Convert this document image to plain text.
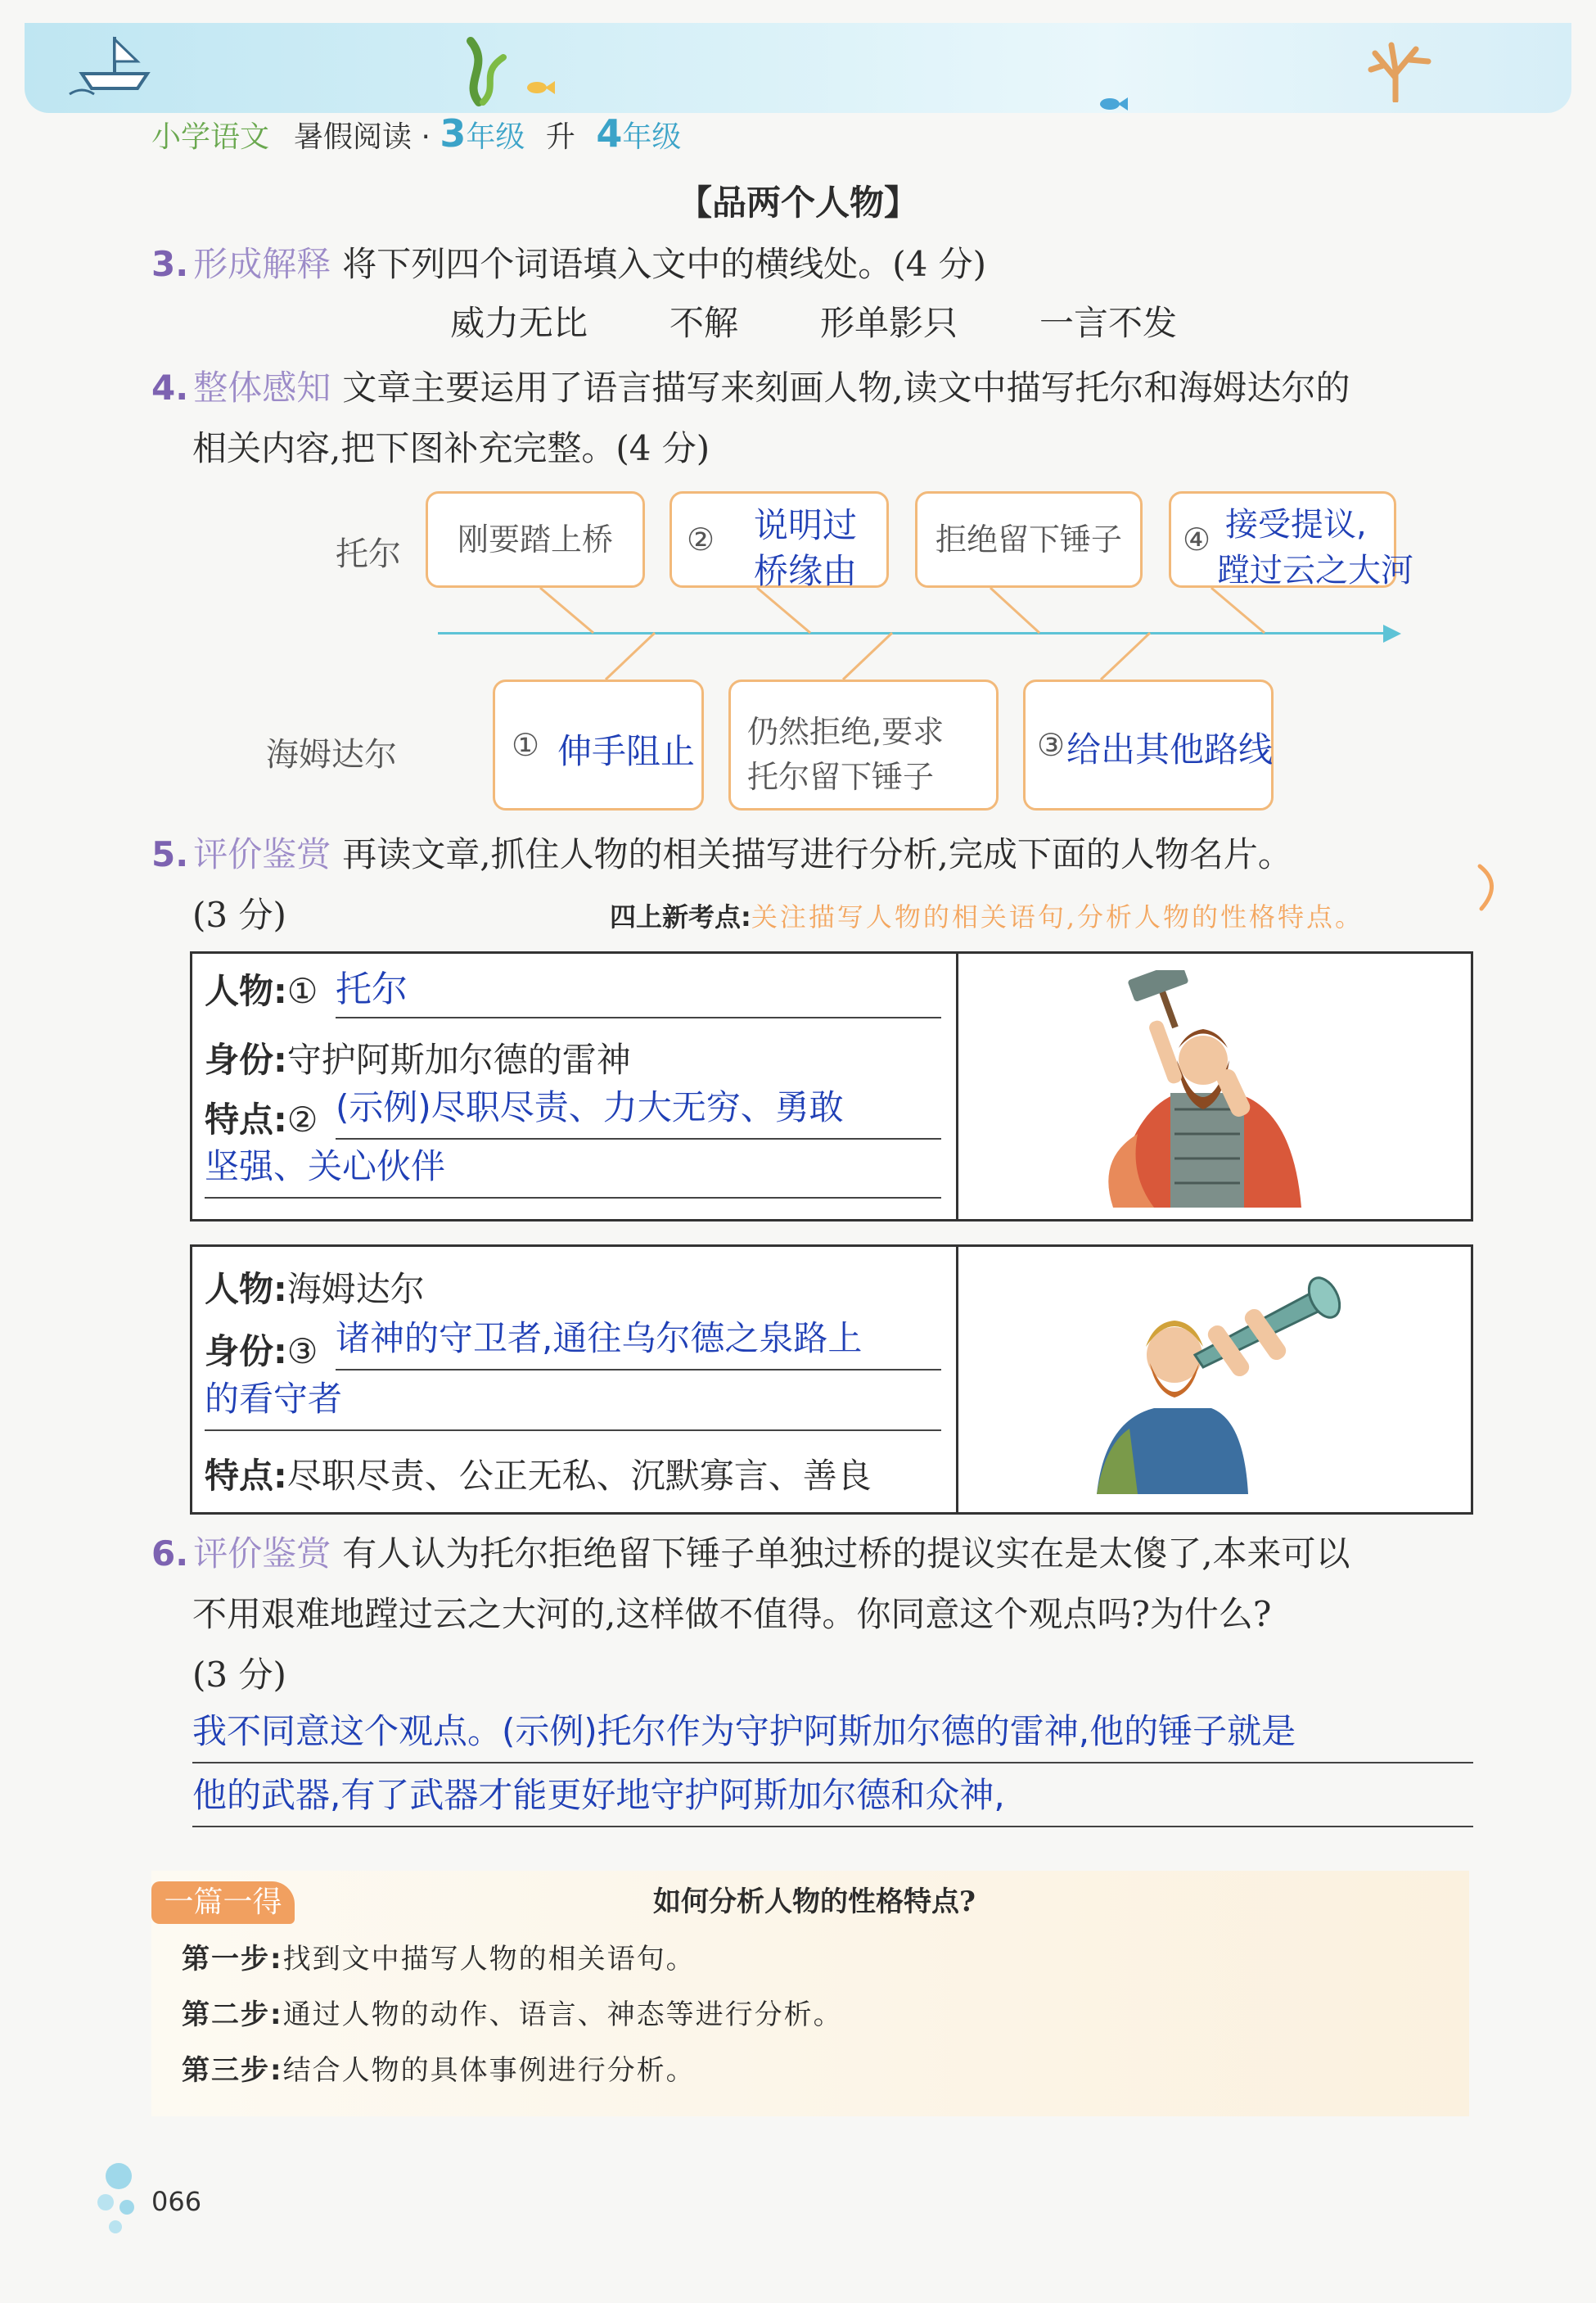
小学语文 暑假阅读 · 3年级 升 4年级
【品两个人物】
3. 形成解释 将下列四个词语填入文中的横线处。(4 分)
威力无比 不解 形单影只 一言不发
4. 整体感知 文章主要运用了语言描写来刻画人物,读文中描写托尔和海姆达尔的
相关内容,把下图补充完整。(4 分)
托尔
海姆达尔
刚要踏上桥	② 说明过
桥缘由
拒绝留下锤子	④ 接受提议,
蹚过云之大河
① 伸手阻止 仍然拒绝,要求
托尔留下锤子
③ 给出其他路线
5. 评价鉴赏 再读文章,抓住人物的相关描写进行分析,完成下面的人物名片。
(3 分)	四上新考点:关注描写人物的相关语句,分析人物的性格特点。
人物:① 托尔
身份:守护阿斯加尔德的雷神
特点:② (示例)尽职尽责、力大无穷、勇敢
坚强、关心伙伴
人物:海姆达尔
身份:③ 诸神的守卫者,通往乌尔德之泉路上
的看守者
特点:尽职尽责、公正无私、沉默寡言、善良
6. 评价鉴赏 有人认为托尔拒绝留下锤子单独过桥的提议实在是太傻了,本来可以
不用艰难地蹚过云之大河的,这样做不值得。你同意这个观点吗?为什么?
(3 分)
我不同意这个观点。(示例)托尔作为守护阿斯加尔德的雷神,他的锤子就是
他的武器,有了武器才能更好地守护阿斯加尔德和众神,
一篇一得	如何分析人物的性格特点?
第一步:找到文中描写人物的相关语句。
第二步:通过人物的动作、语言、神态等进行分析。
第三步:结合人物的具体事例进行分析。
066
